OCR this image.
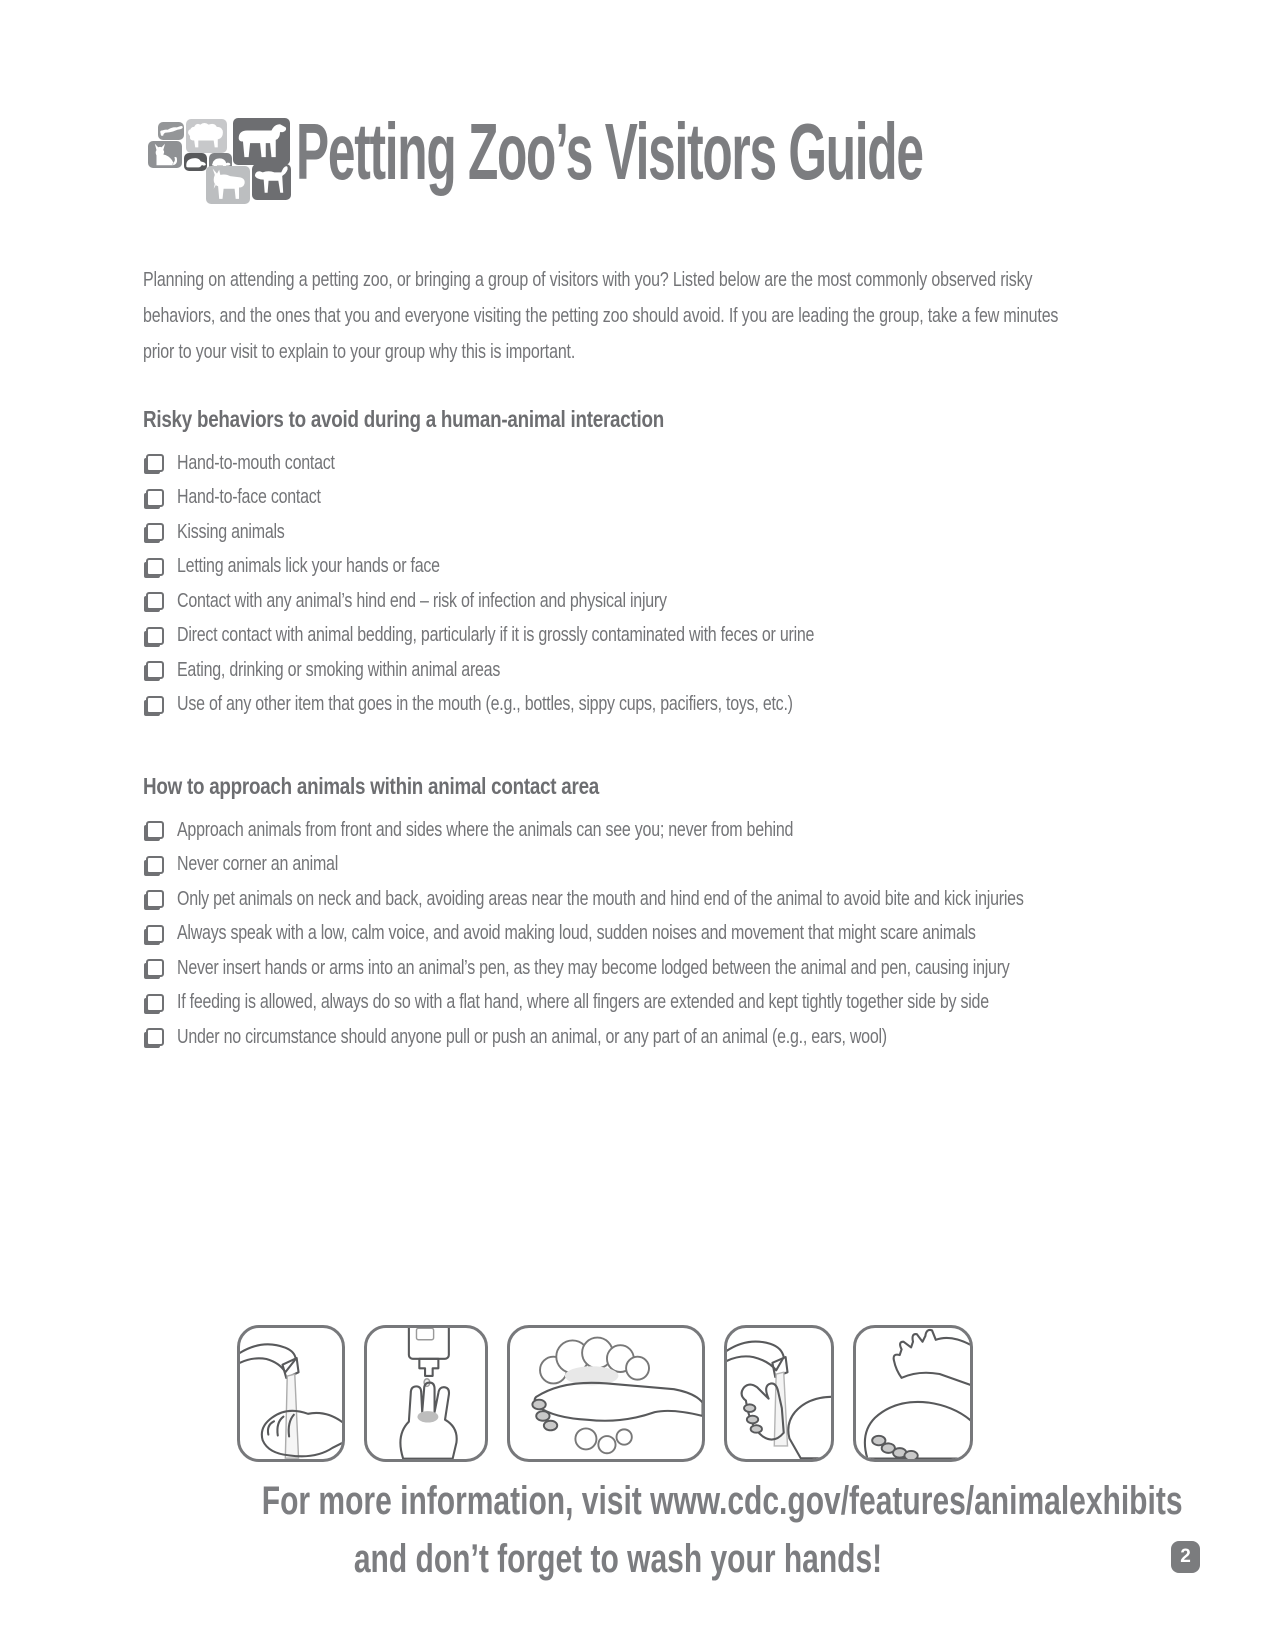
Petting Zoo’s Visitors Guide

Planning on attending a petting zoo, or bringing a group of visitors with you? Listed below are the most commonly observed risky behaviors, and the ones that you and everyone visiting the petting zoo should avoid. If you are leading the group, take a few minutes prior to your visit to explain to your group why this is important.

Risky behaviors to avoid during a human-animal interaction
Hand-to-mouth contact
Hand-to-face contact
Kissing animals
Letting animals lick your hands or face
Contact with any animal’s hind end – risk of infection and physical injury
Direct contact with animal bedding, particularly if it is grossly contaminated with feces or urine
Eating, drinking or smoking within animal areas
Use of any other item that goes in the mouth (e.g., bottles, sippy cups, pacifiers, toys, etc.)
How to approach animals within animal contact area
Approach animals from front and sides where the animals can see you; never from behind
Never corner an animal
Only pet animals on neck and back, avoiding areas near the mouth and hind end of the animal to avoid bite and kick injuries
Always speak with a low, calm voice, and avoid making loud, sudden noises and movement that might scare animals
Never insert hands or arms into an animal’s pen, as they may become lodged between the animal and pen, causing injury
If feeding is allowed, always do so with a flat hand, where all fingers are extended and kept tightly together side by side
Under no circumstance should anyone pull or push an animal, or any part of an animal (e.g., ears, wool)
For more information, visit www.cdc.gov/features/animalexhibits
and don’t forget to wash your hands!	2
